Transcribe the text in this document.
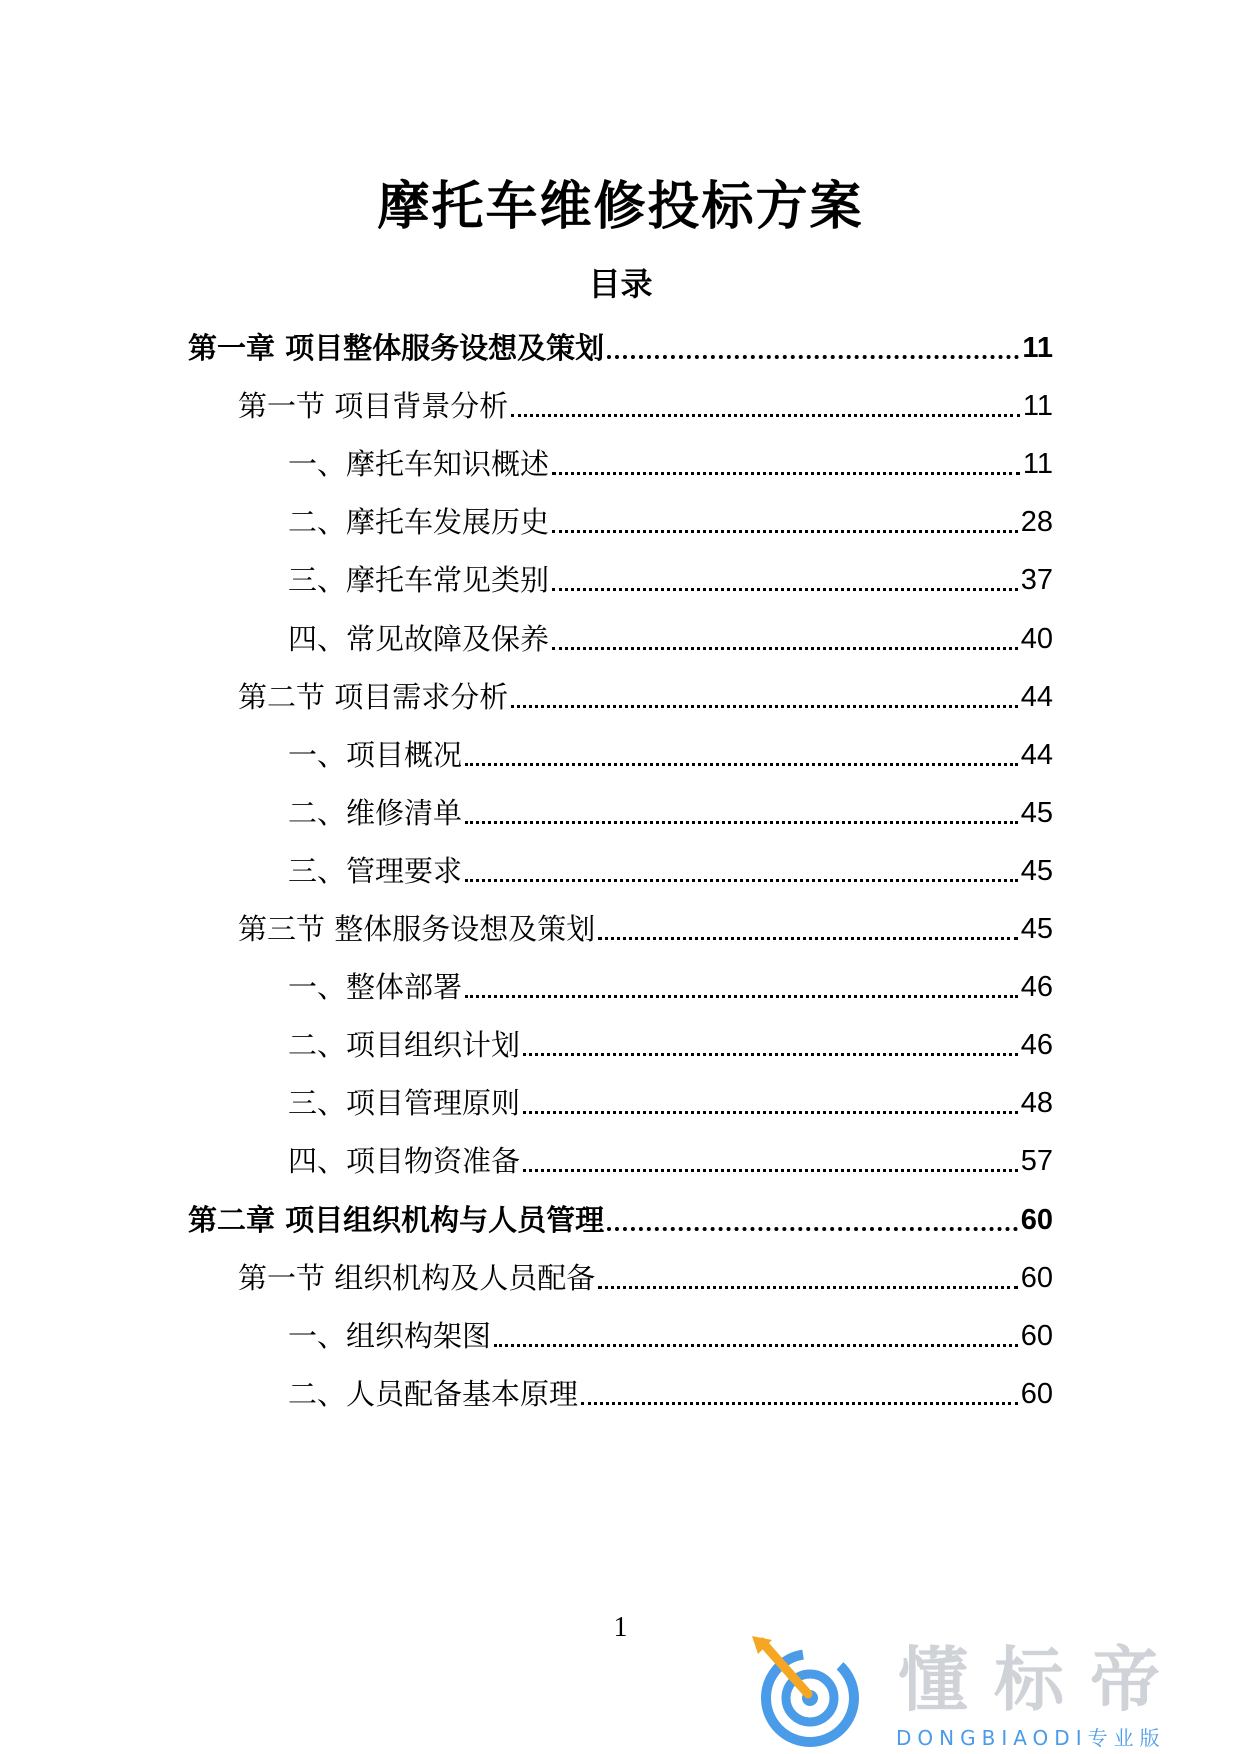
摩托车维修投标方案
目录
第一章 项目整体服务设想及策划	11
第一节 项目背景分析	11
一、摩托车知识概述	11
二、摩托车发展历史	28
三、摩托车常见类别	37
四、常见故障及保养	40
第二节 项目需求分析	44
一、项目概况	44
二、维修清单	45
三、管理要求	45
第三节 整体服务设想及策划	45
一、整体部署	46
二、项目组织计划	46
三、项目管理原则	48
四、项目物资准备	57
第二章 项目组织机构与人员管理	60
第一节 组织机构及人员配备	60
一、组织构架图	60
二、人员配备基本原理	60
1
懂标帝
DONGBIAODI专业版
